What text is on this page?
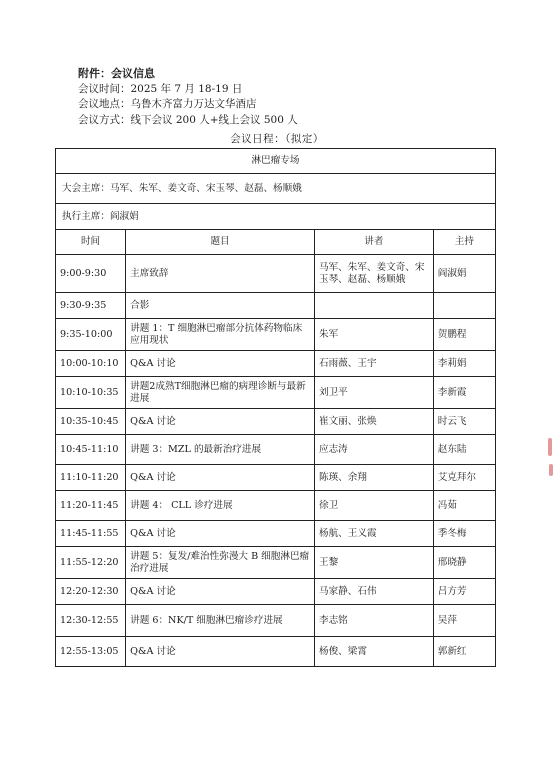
附件：会议信息
会议时间：2025 年 7 月 18-19 日
会议地点：乌鲁木齐富力万达文华酒店
会议方式：线下会议 200 人+线上会议 500 人
会议日程：（拟定）
淋巴瘤专场			
大会主席：马军、朱军、姜文奇、宋玉琴、赵磊、杨顺娥			
执行主席：阎淑娟			
时间	题目	讲者	主持
9:00-9:30	主席致辞	马军、朱军、姜文奇、宋玉琴、赵磊、杨顺娥	阎淑娟
9:30-9:35	合影		
9:35-10:00	讲题 1：T 细胞淋巴瘤部分抗体药物临床应用现状	朱军	贺鹏程
10:00-10:10	Q&A 讨论	石雨薇、王宇	李莉娟
10:10-10:35	讲题2成熟T细胞淋巴瘤的病理诊断与最新进展	刘卫平	李新霞
10:35-10:45	Q&A 讨论	崔文丽、张焕	时云飞
10:45-11:10	讲题 3：MZL 的最新治疗进展	应志涛	赵东陆
11:10-11:20	Q&A 讨论	陈瑛、余翔	艾克拜尔
11:20-11:45	讲题 4： CLL 诊疗进展	徐卫	冯茹
11:45-11:55	Q&A 讨论	杨航、王义霞	季冬梅
11:55-12:20	讲题 5：复发/难治性弥漫大 B 细胞淋巴瘤治疗进展	王黎	邢晓静
12:20-12:30	Q&A 讨论	马家静、石伟	吕方芳
12:30-12:55	讲题 6：NK/T 细胞淋巴瘤诊疗进展	李志铭	吴萍
12:55-13:05	Q&A 讨论	杨俊、梁霄	郭新红
